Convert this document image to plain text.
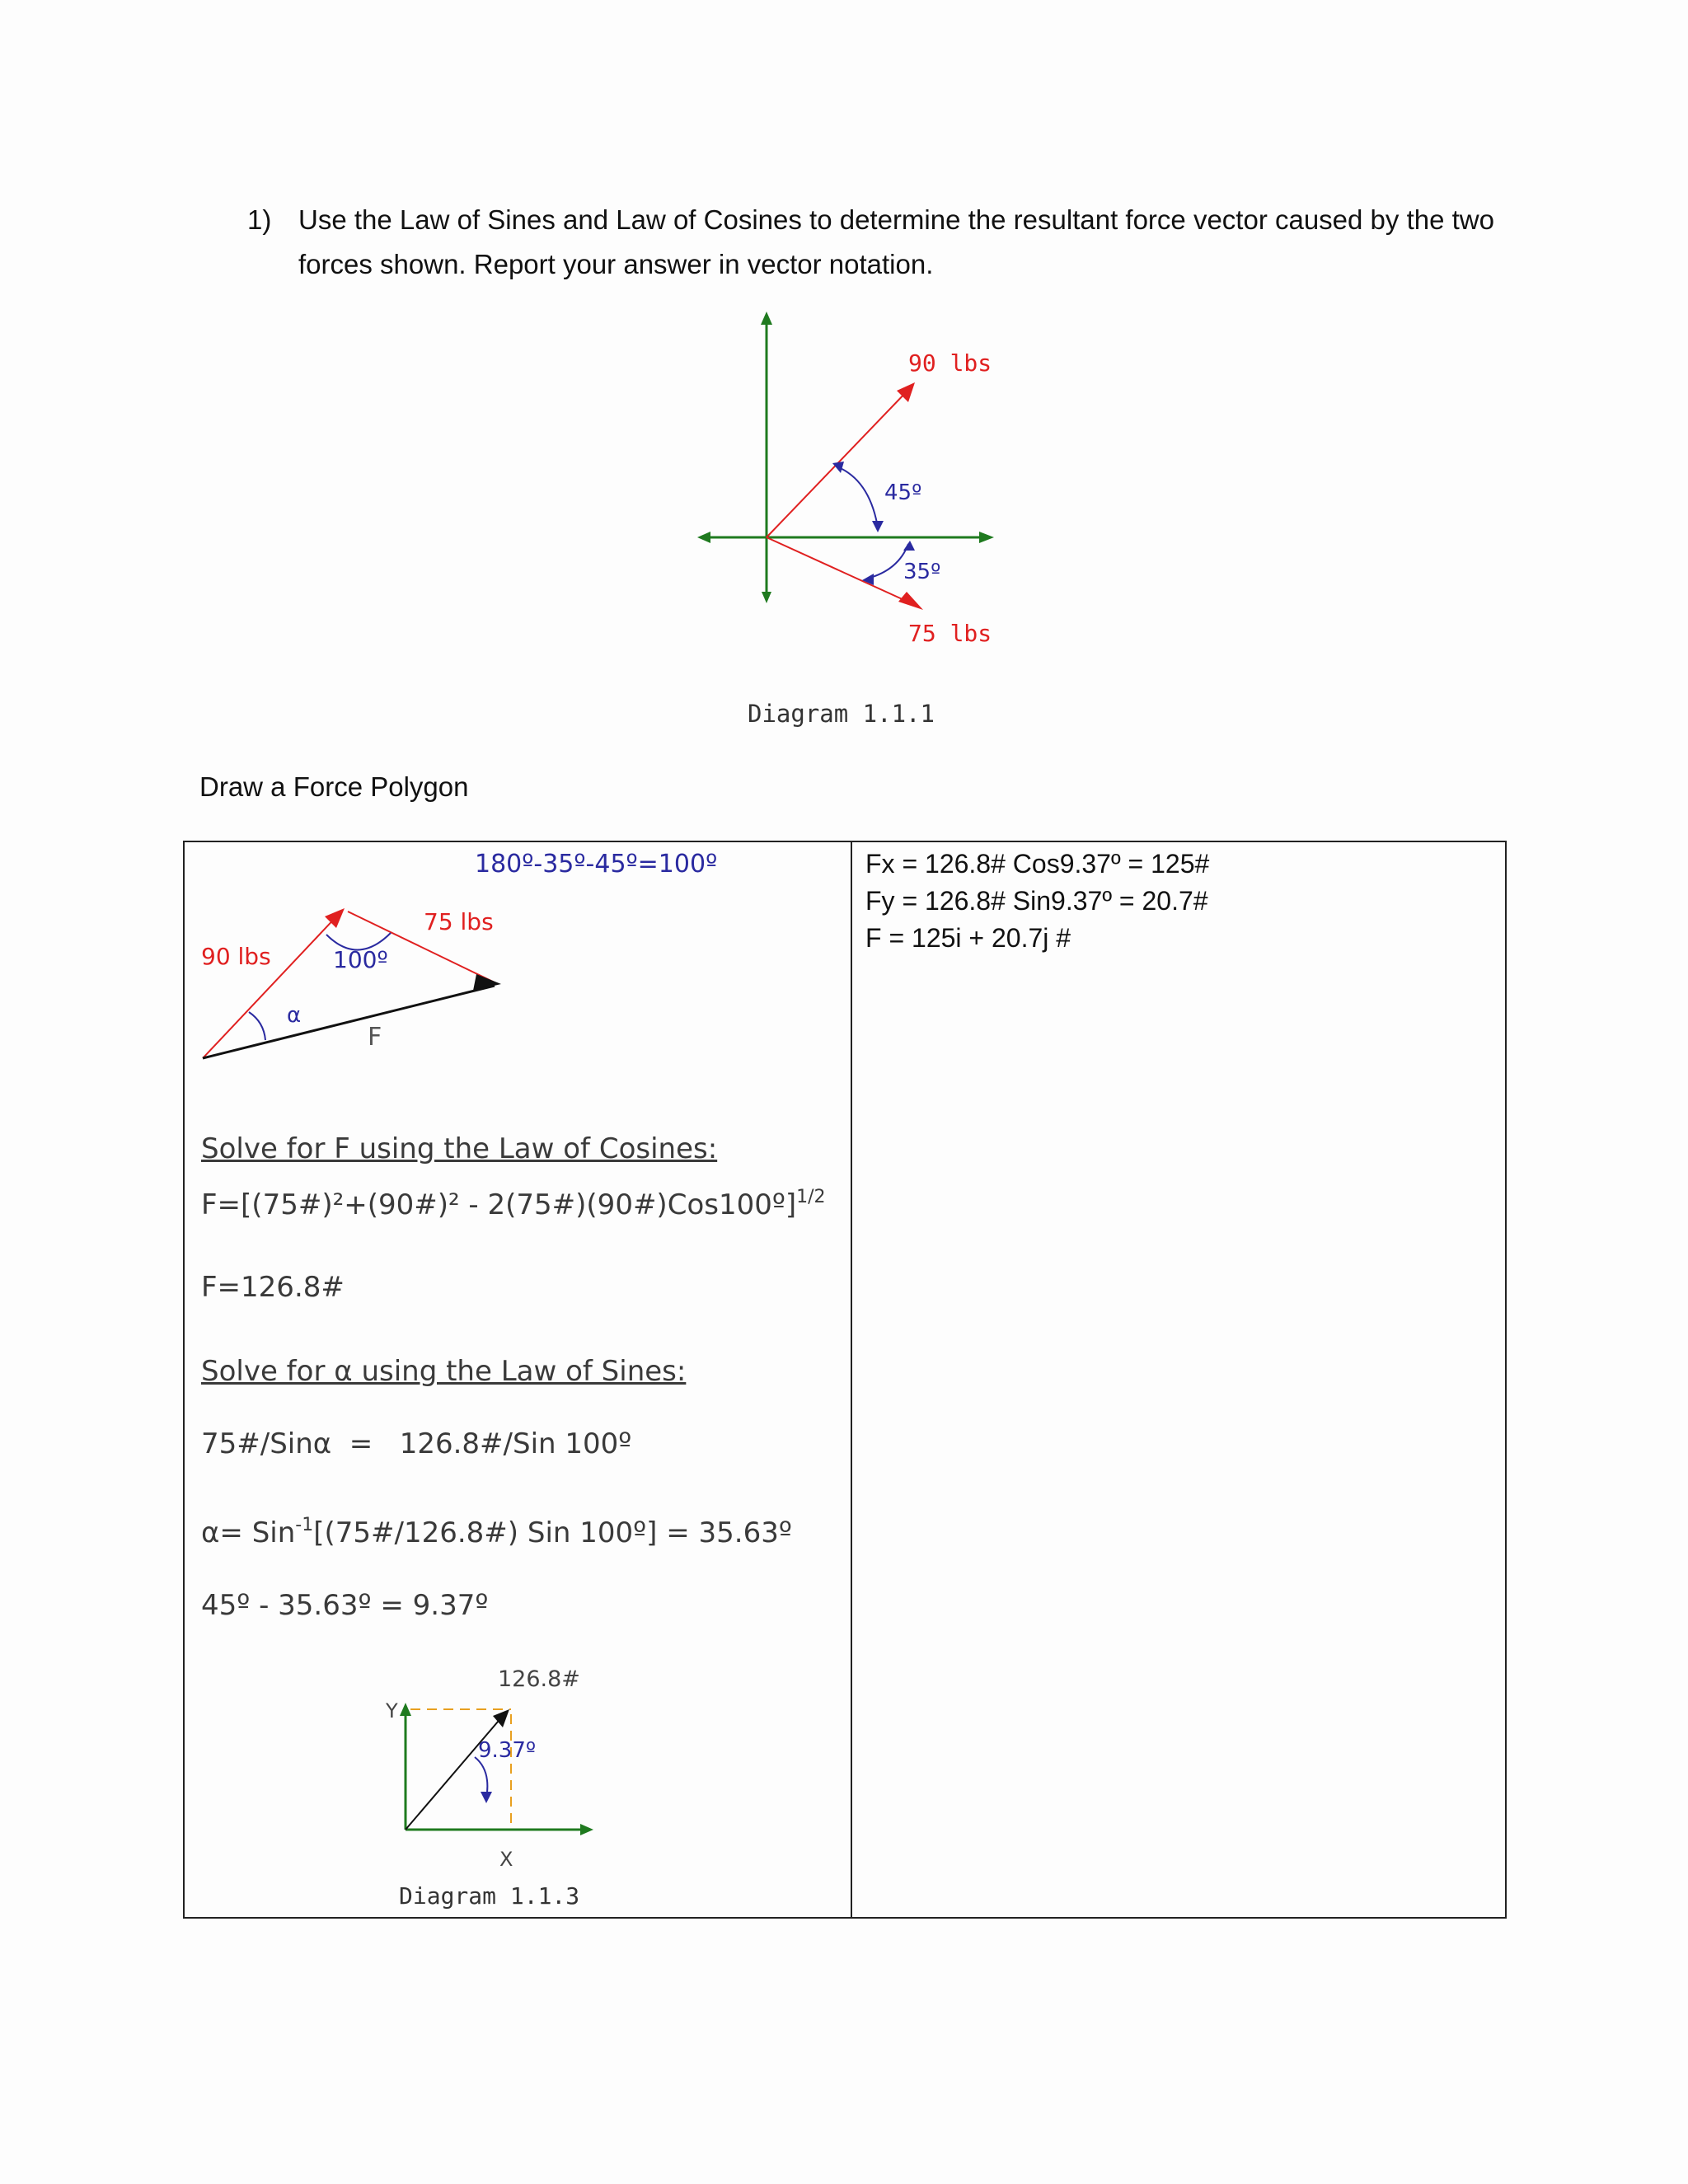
1) Use the Law of Sines and Law of Cosines to determine the resultant force vector caused by the two forces shown. Report your answer in vector notation.
90 lbs
45º
35º
75 lbs
Diagram 1.1.1
Draw a Force Polygon
180º-35º-45º=100º
75 lbs
90 lbs	100º
α
F
Solve for F using the Law of Cosines:
F=[(75#)²+(90#)² - 2(75#)(90#)Cos100º]$^{1/2}$
F=126.8#
Solve for α using the Law of Sines:
75#/Sinα  =   126.8#/Sin 100º
α= Sin$^{-1}$[(75#/126.8#) Sin 100º] = 35.63º
45º - 35.63º = 9.37º
126.8#
Y
9.37º
X
Diagram 1.1.3

Fx = 126.8# Cos9.37º = 125#
Fy = 126.8# Sin9.37º = 20.7#
F = 125i + 20.7j #
